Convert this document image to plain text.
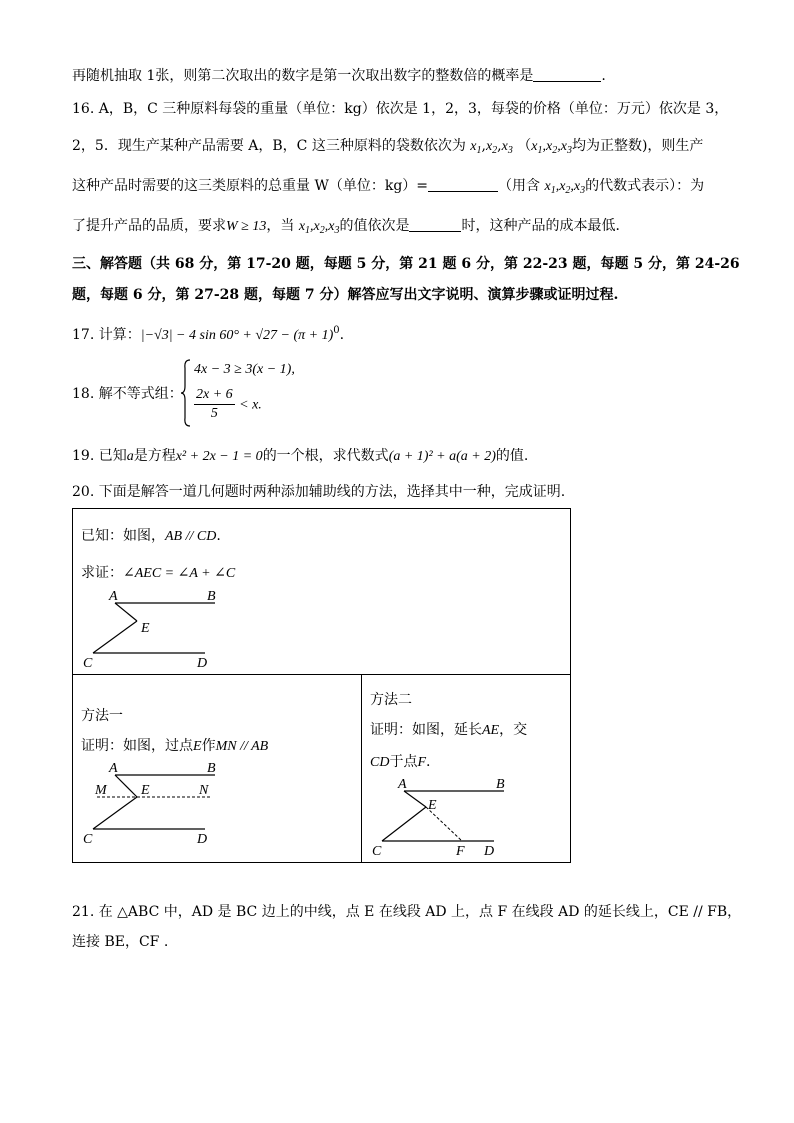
再随机抽取 1张，则第二次取出的数字是第一次取出数字的整数倍的概率是	.
16. A，B，C 三种原料每袋的重量（单位：kg）依次是 1，2，3，每袋的价格（单位：万元）依次是 3，
2，5．现生产某种产品需要 A，B，C 这三种原料的袋数依次为 $x_1,x_2,x_3$ （$x_1,x_2,x_3$均为正整数)，则生产
这种产品时需要的这三类原料的总重量 W（单位：kg）=	（用含 $x_1,x_2,x_3$的代数式表示）：为
了提升产品的品质，要求W ≥ 13，当 $x_1,x_2,x_3$的值依次是	时，这种产品的成本最低．
三、解答题（共 68 分，第 17-20 题，每题 5 分，第 21 题 6 分，第 22-23 题，每题 5 分，第 24-26
题，每题 6 分，第 27-28 题，每题 7 分）解答应写出文字说明、演算步骤或证明过程.
17. 计算：|−√3| − 4 $\sin 60^\circ + √27 - (\pi + 1)^0$.
18. 解不等式组：
4x − 3 ≥ 3(x − 1),
$\frac{2x + 6}{5} < x$.
19. 已知a是方程x² + 2x − 1 = 0的一个根，求代数式(a + 1)² + a(a + 2)的值.
20. 下面是解答一道几何题时两种添加辅助线的方法，选择其中一种，完成证明.
已知：如图，AB // CD.
求证：∠AEC = ∠A + ∠C
A	B
E
C	D
方法一
证明：如图，过点E作MN // AB
A	B
M E	N
C	D
方法二
证明：如图，延长AE，交
CD于点F.
A	B
E
C	F D
21. 在 △ABC 中，AD 是 BC 边上的中线，点 E 在线段 AD 上，点 F 在线段 AD 的延长线上，CE // FB，
连接 BE，CF .
